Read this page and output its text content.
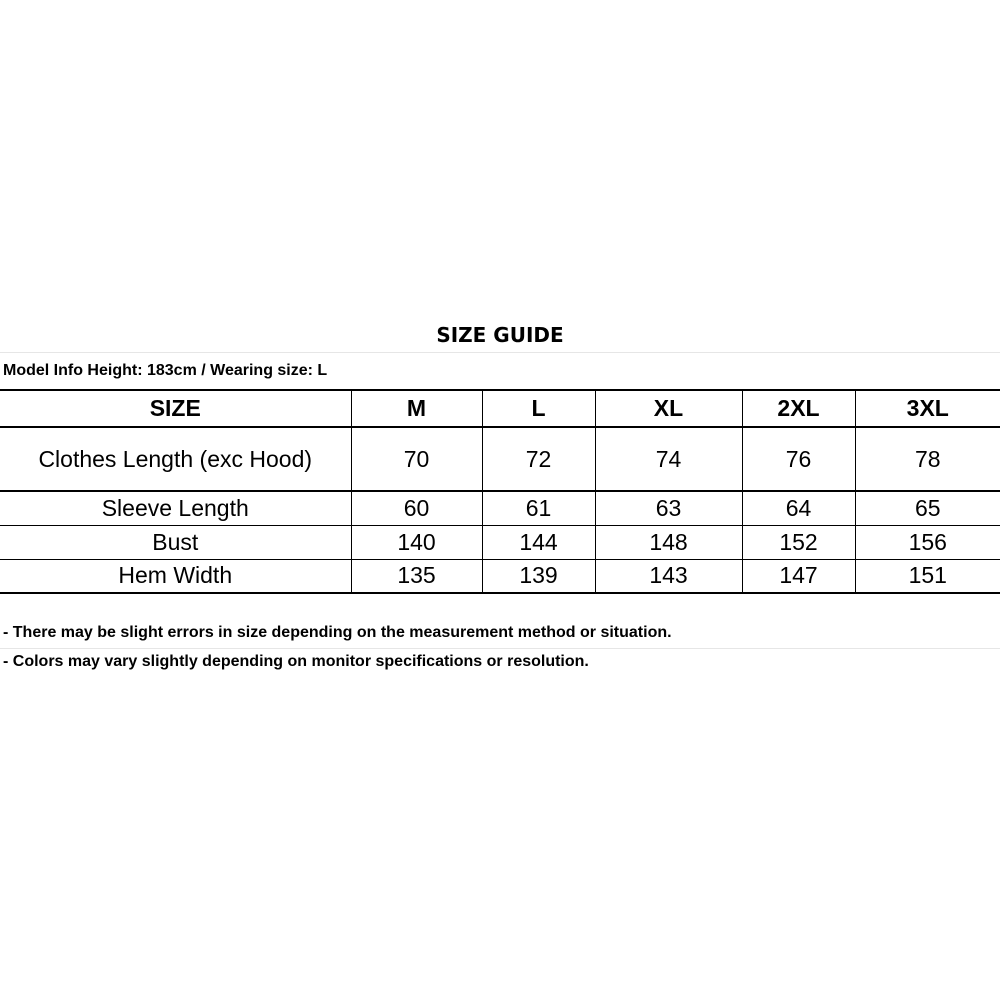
SIZE GUIDE
Model Info Height: 183cm / Wearing size: L
SIZE	M	L	XL	2XL	3XL
Clothes Length (exc Hood)	70	72	74	76	78
Sleeve Length	60	61	63	64	65
Bust	140	144	148	152	156
Hem Width	135	139	143	147	151
- There may be slight errors in size depending on the measurement method or situation.
- Colors may vary slightly depending on monitor specifications or resolution.
